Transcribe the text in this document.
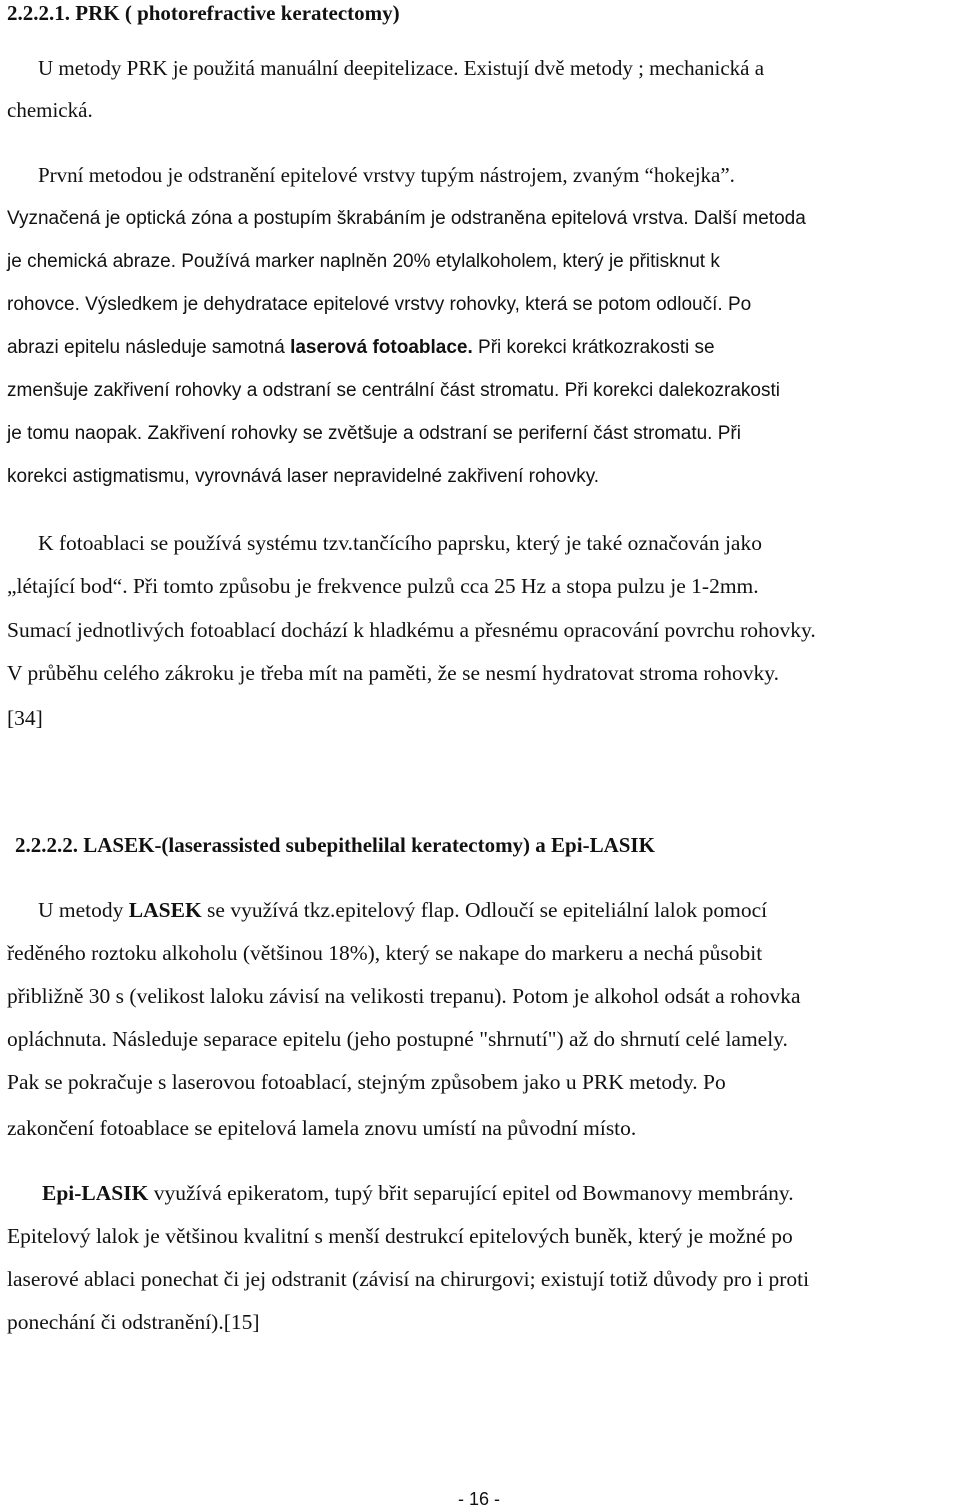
2.2.2.1. PRK ( photorefractive keratectomy)
U metody PRK je použitá manuální deepitelizace. Existují dvě metody ; mechanická a
chemická.
První metodou je odstranění epitelové vrstvy tupým nástrojem, zvaným “hokejka”.
Vyznačená je optická zóna a postupím škrabáním je odstraněna epitelová vrstva. Další metoda
je chemická abraze. Používá marker naplněn 20% etylalkoholem, který je přitisknut k
rohovce. Výsledkem je dehydratace epitelové vrstvy rohovky, která se potom odloučí. Po
abrazi epitelu následuje samotná laserová fotoablace. Při korekci krátkozrakosti se
zmenšuje zakřivení rohovky a odstraní se centrální část stromatu. Při korekci dalekozrakosti
je tomu naopak. Zakřivení rohovky se zvětšuje a odstraní se periferní část stromatu. Při
korekci astigmatismu, vyrovnává laser nepravidelné zakřivení rohovky.
K fotoablaci se používá systému tzv.tančícího paprsku, který je také označován jako
„létající bod“. Při tomto způsobu je frekvence pulzů cca 25 Hz a stopa pulzu je 1-2mm.
Sumací jednotlivých fotoablací dochází k hladkému a přesnému opracování povrchu rohovky.
V průběhu celého zákroku je třeba mít na paměti, že se nesmí hydratovat stroma rohovky.
[34]
2.2.2.2. LASEK-(laserassisted subepithelilal keratectomy) a Epi-LASIK
U metody LASEK se využívá tkz.epitelový flap. Odloučí se epiteliální lalok pomocí
ředěného roztoku alkoholu (většinou 18%), který se nakape do markeru a nechá působit
přibližně 30 s (velikost laloku závisí na velikosti trepanu). Potom je alkohol odsát a rohovka
opláchnuta. Následuje separace epitelu (jeho postupné "shrnutí") až do shrnutí celé lamely.
Pak se pokračuje s laserovou fotoablací, stejným způsobem jako u PRK metody. Po
zakončení fotoablace se epitelová lamela znovu umístí na původní místo.
Epi-LASIK využívá epikeratom, tupý břit separující epitel od Bowmanovy membrány.
Epitelový lalok je většinou kvalitní s menší destrukcí epitelových buněk, který je možné po
laserové ablaci ponechat či jej odstranit (závisí na chirurgovi; existují totiž důvody pro i proti
ponechání či odstranění).[15]
- 16 -
